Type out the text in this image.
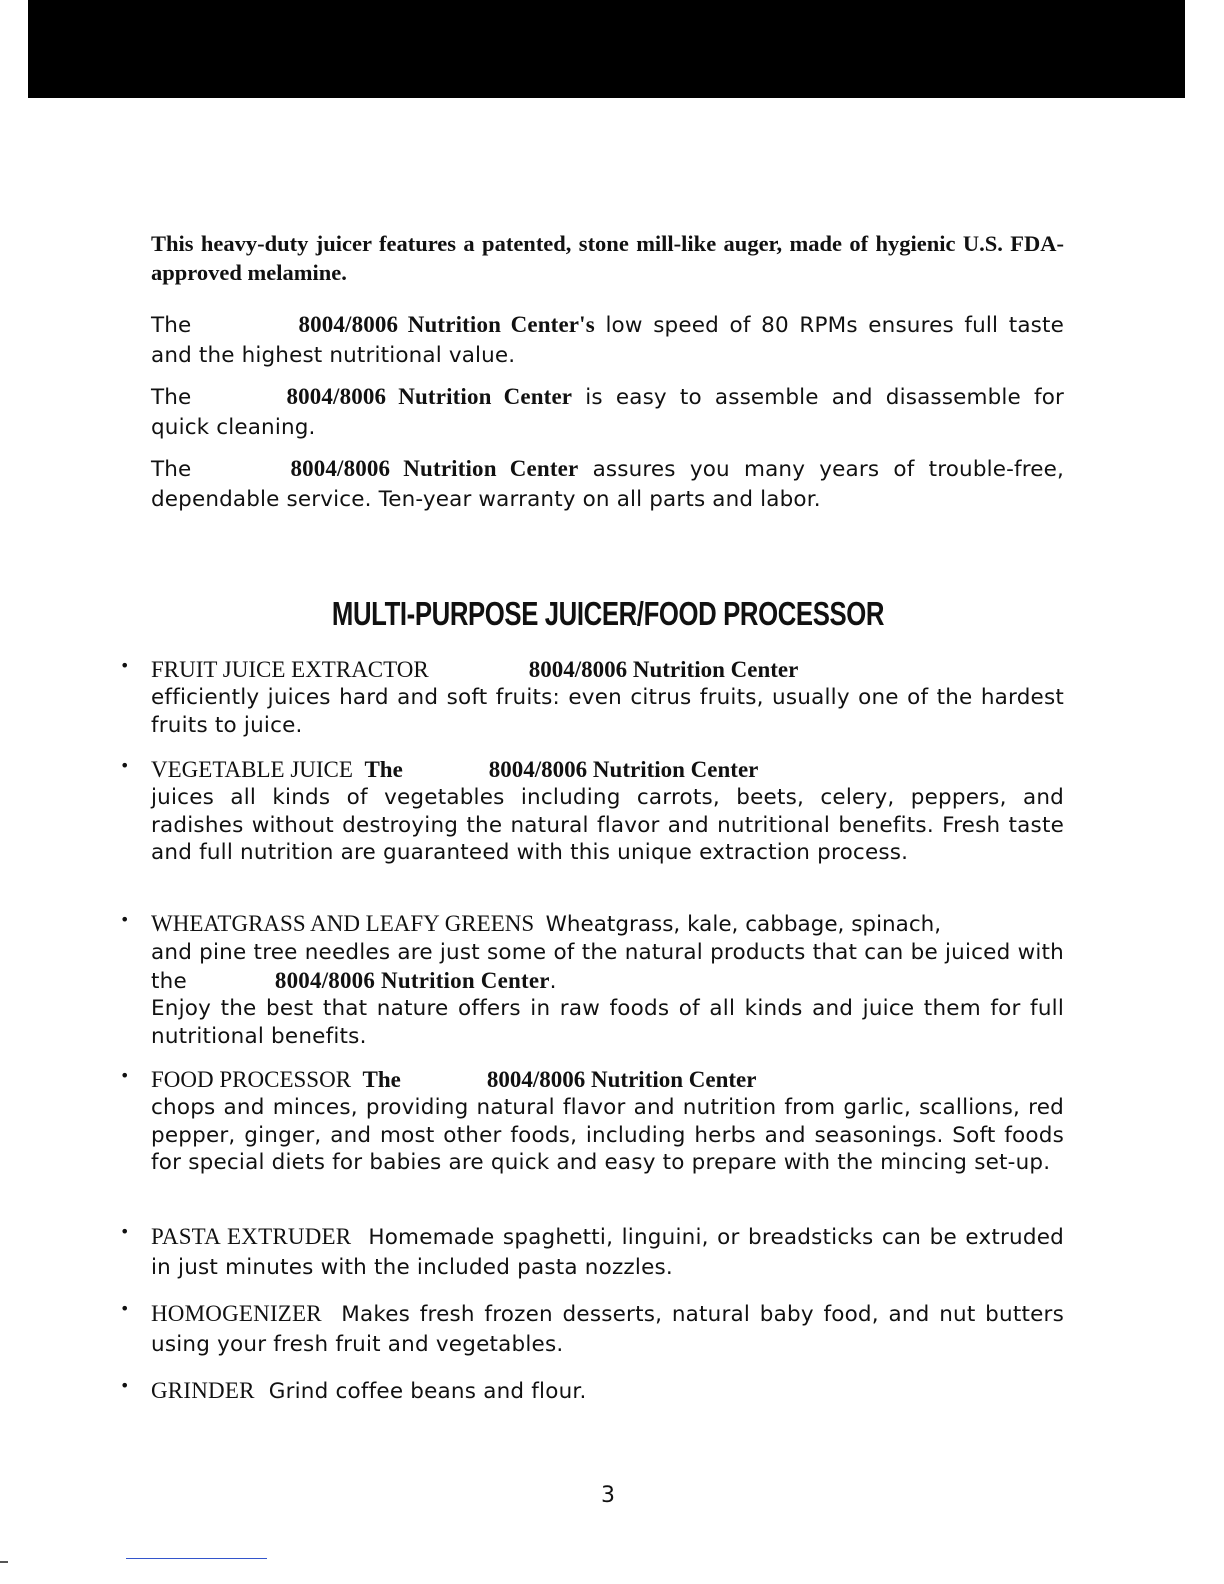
This heavy-duty juicer features a patented, stone mill-like auger, made of hygienic U.S. FDA-approved melamine.

The	8004/8006 Nutrition Center's low speed of 80 RPMs ensures full taste and the highest nutritional value.

The	8004/8006 Nutrition Center is easy to assemble and disassemble for quick cleaning.

The	8004/8006 Nutrition Center assures you many years of trouble-free, dependable service. Ten-year warranty on all parts and labor.

MULTI-PURPOSE JUICER/FOOD PROCESSOR
• FRUIT JUICE EXTRACTOR	8004/8006 Nutrition Center

efficiently juices hard and soft fruits: even citrus fruits, usually one of the hardest fruits to juice.

• VEGETABLE JUICE The	8004/8006 Nutrition Center

juices all kinds of vegetables including carrots, beets, celery, peppers, and radishes without destroying the natural flavor and nutritional benefits. Fresh taste and full nutrition are guaranteed with this unique extraction process.

• WHEATGRASS AND LEAFY GREENS Wheatgrass, kale, cabbage, spinach,

and pine tree needles are just some of the natural products that can be juiced with the	8004/8006 Nutrition Center.

Enjoy the best that nature offers in raw foods of all kinds and juice them for full nutritional benefits.

• FOOD PROCESSOR The	8004/8006 Nutrition Center

chops and minces, providing natural flavor and nutrition from garlic, scallions, red pepper, ginger, and most other foods, including herbs and seasonings. Soft foods for special diets for babies are quick and easy to prepare with the mincing set-up.

• PASTA EXTRUDER Homemade spaghetti, linguini, or breadsticks can be extruded in just minutes with the included pasta nozzles.

• HOMOGENIZER Makes fresh frozen desserts, natural baby food, and nut butters using your fresh fruit and vegetables.

• GRINDER Grind coffee beans and flour.

3
